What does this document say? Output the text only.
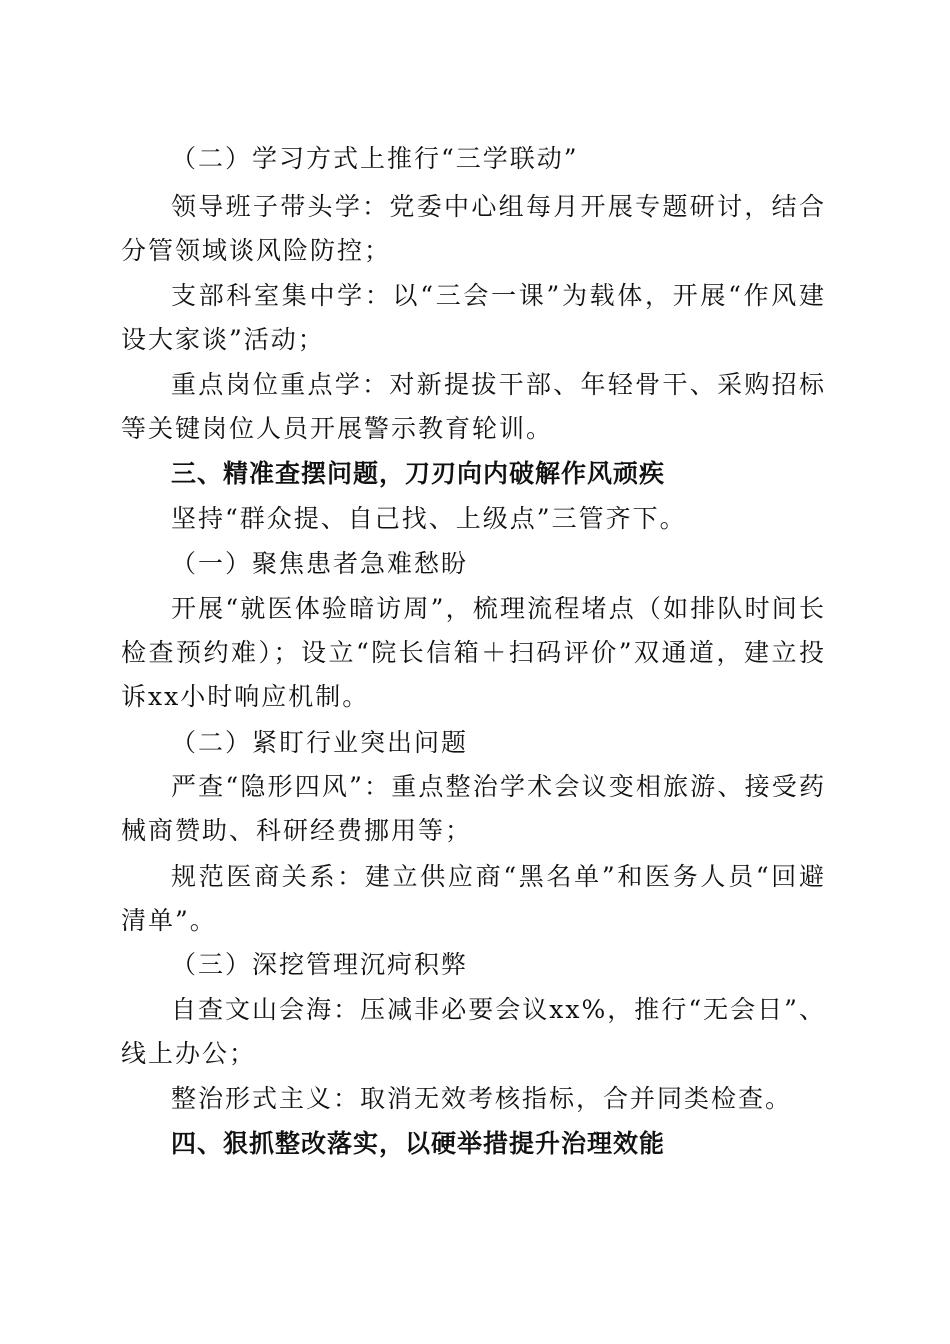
（二）学习方式上推行“三学联动”

领导班子带头学：党委中心组每月开展专题研讨，结合分管领域谈风险防控；

支部科室集中学：以“三会一课”为载体，开展“作风建设大家谈”活动；

重点岗位重点学：对新提拔干部、年轻骨干、采购招标等关键岗位人员开展警示教育轮训。

三、精准查摆问题，刀刃向内破解作风顽疾

坚持“群众提、自己找、上级点”三管齐下。

（一）聚焦患者急难愁盼

开展“就医体验暗访周”，梳理流程堵点（如排队时间长检查预约难）；设立“院长信箱＋扫码评价”双通道，建立投诉xx小时响应机制。

（二）紧盯行业突出问题

严查“隐形四风”：重点整治学术会议变相旅游、接受药械商赞助、科研经费挪用等；

规范医商关系：建立供应商“黑名单”和医务人员“回避清单”。

（三）深挖管理沉疴积弊

自查文山会海：压减非必要会议xx%，推行“无会日”、线上办公；

整治形式主义：取消无效考核指标，合并同类检查。

四、狠抓整改落实，以硬举措提升治理效能
